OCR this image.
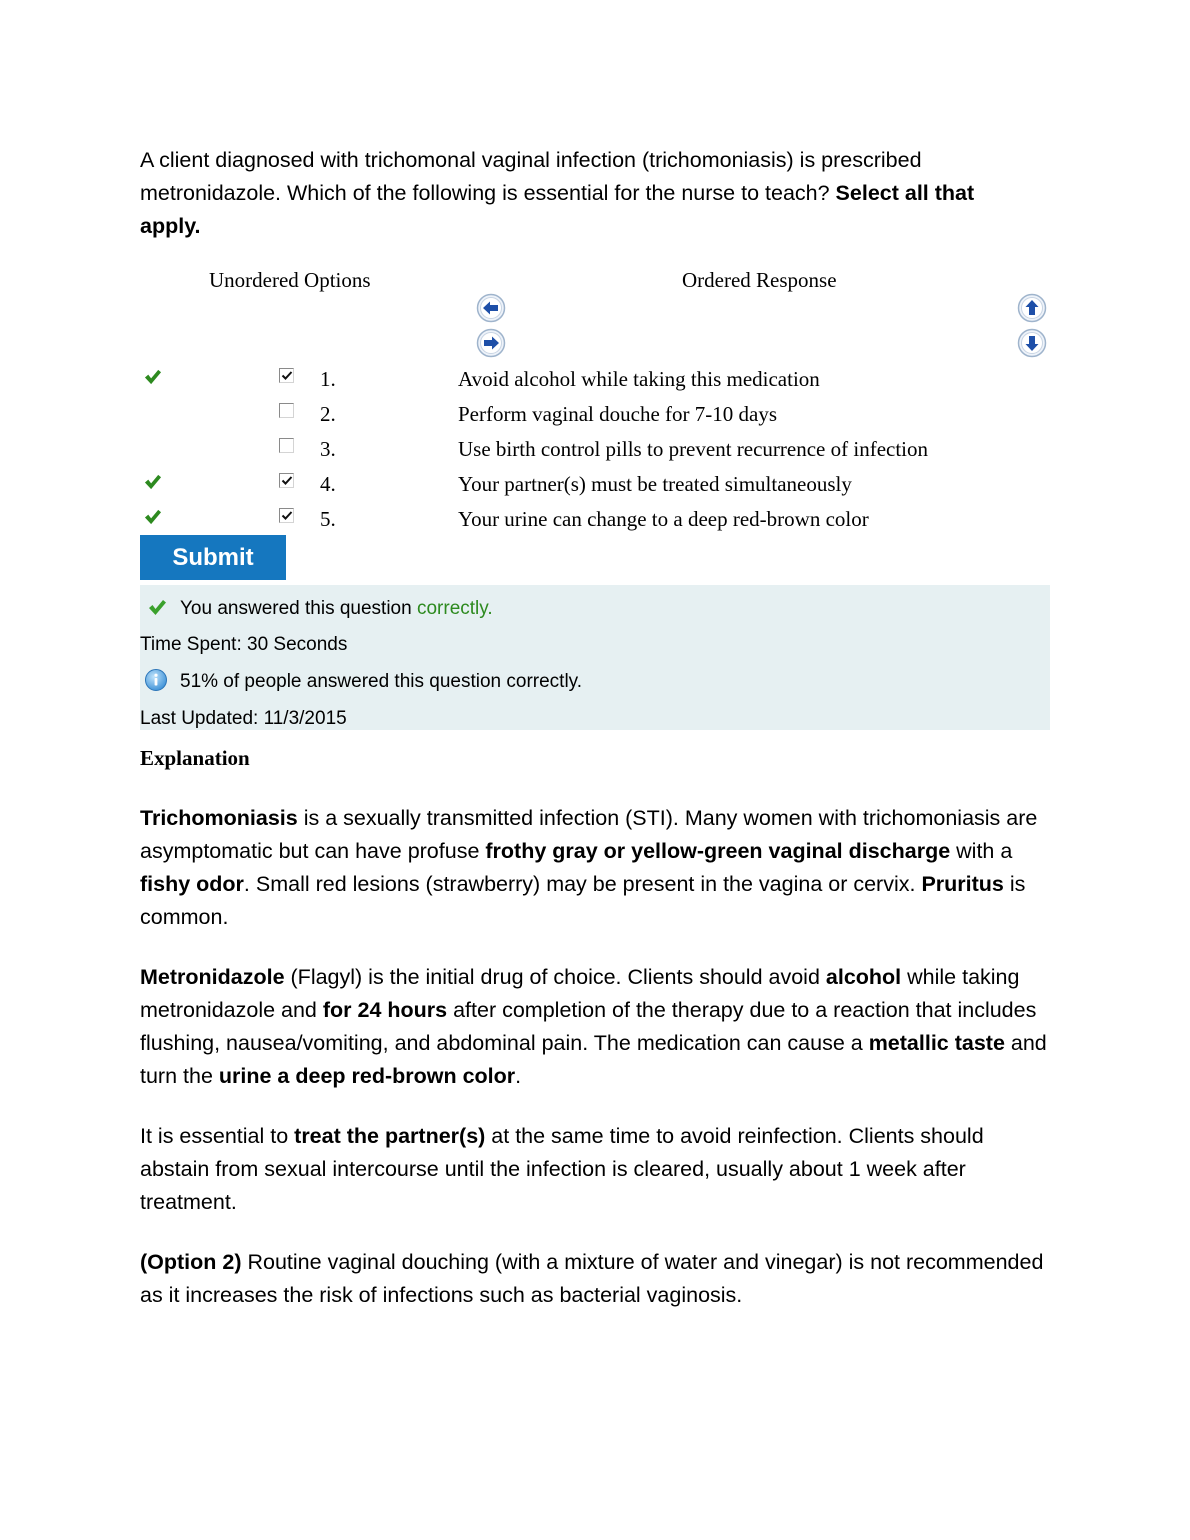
A client diagnosed with trichomonal vaginal infection (trichomoniasis) is prescribed metronidazole. Which of the following is essential for the nurse to teach? Select all that apply.
Unordered Options	Ordered Response
1.	Avoid alcohol while taking this medication
2.	Perform vaginal douche for 7-10 days
3.	Use birth control pills to prevent recurrence of infection
4.	Your partner(s) must be treated simultaneously
5.	Your urine can change to a deep red-brown color
Submit
You answered this question correctly.
Time Spent: 30 Seconds
51% of people answered this question correctly.
Last Updated: 11/3/2015
Explanation
Trichomoniasis is a sexually transmitted infection (STI). Many women with trichomoniasis are asymptomatic but can have profuse frothy gray or yellow-green vaginal discharge with a fishy odor. Small red lesions (strawberry) may be present in the vagina or cervix. Pruritus is common.
Metronidazole (Flagyl) is the initial drug of choice. Clients should avoid alcohol while taking metronidazole and for 24 hours after completion of the therapy due to a reaction that includes flushing, nausea/vomiting, and abdominal pain. The medication can cause a metallic taste and turn the urine a deep red-brown color.
It is essential to treat the partner(s) at the same time to avoid reinfection. Clients should abstain from sexual intercourse until the infection is cleared, usually about 1 week after treatment.
(Option 2) Routine vaginal douching (with a mixture of water and vinegar) is not recommended as it increases the risk of infections such as bacterial vaginosis.
